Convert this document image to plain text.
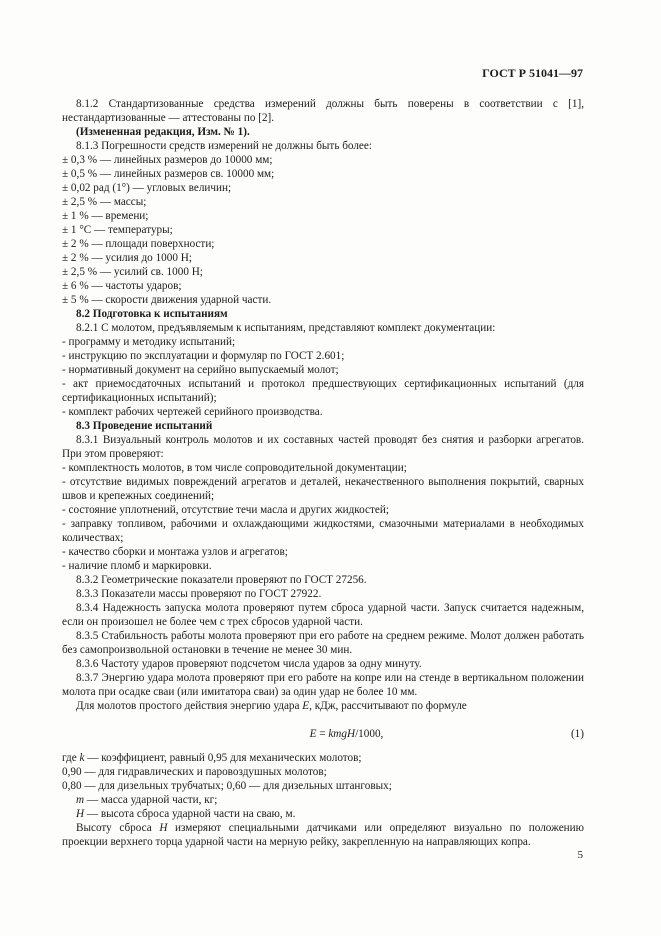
ГОСТ Р 51041—97
8.1.2 Стандартизованные средства измерений должны быть поверены в соответствии с [1], нестандартизованные — аттестованы по [2].
(Измененная редакция, Изм. № 1).
8.1.3 Погрешности средств измерений не должны быть более:
± 0,3 % — линейных размеров до 10000 мм;
± 0,5 % — линейных размеров св. 10000 мм;
± 0,02 рад (1°) — угловых величин;
± 2,5 % — массы;
± 1 % — времени;
± 1 °С — температуры;
± 2 % — площади поверхности;
± 2 % — усилия до 1000 Н;
± 2,5 % — усилий св. 1000 Н;
± 6 % — частоты ударов;
± 5 % — скорости движения ударной части.
8.2 Подготовка к испытаниям
8.2.1 С молотом, предъявляемым к испытаниям, представляют комплект документации:
- программу и методику испытаний;
- инструкцию по эксплуатации и формуляр по ГОСТ 2.601;
- нормативный документ на серийно выпускаемый молот;
- акт приемосдаточных испытаний и протокол предшествующих сертификационных испытаний (для сертификационных испытаний);
- комплект рабочих чертежей серийного производства.
8.3 Проведение испытаний
8.3.1 Визуальный контроль молотов и их составных частей проводят без снятия и разборки агрегатов. При этом проверяют:
- комплектность молотов, в том числе сопроводительной документации;
- отсутствие видимых повреждений агрегатов и деталей, некачественного выполнения покрытий, сварных швов и крепежных соединений;
- состояние уплотнений, отсутствие течи масла и других жидкостей;
- заправку топливом, рабочими и охлаждающими жидкостями, смазочными материалами в необходимых количествах;
- качество сборки и монтажа узлов и агрегатов;
- наличие пломб и маркировки.
8.3.2 Геометрические показатели проверяют по ГОСТ 27256.
8.3.3 Показатели массы проверяют по ГОСТ 27922.
8.3.4 Надежность запуска молота проверяют путем сброса ударной части. Запуск считается надежным, если он произошел не более чем с трех сбросов ударной части.
8.3.5 Стабильность работы молота проверяют при его работе на среднем режиме. Молот должен работать без самопроизвольной остановки в течение не менее 30 мин.
8.3.6 Частоту ударов проверяют подсчетом числа ударов за одну минуту.
8.3.7 Энергию удара молота проверяют при его работе на копре или на стенде в вертикальном положении молота при осадке сваи (или имитатора сваи) за один удар не более 10 мм.
Для молотов простого действия энергию удара E, кДж, рассчитывают по формуле
E = kmgH/1000,	(1)
где k — коэффициент, равный 0,95 для механических молотов;
0,90 — для гидравлических и паровоздушных молотов;
0,80 — для дизельных трубчатых; 0,60 — для дизельных штанговых;
m — масса ударной части, кг;
H — высота сброса ударной части на сваю, м.
Высоту сброса H измеряют специальными датчиками или определяют визуально по положению проекции верхнего торца ударной части на мерную рейку, закрепленную на направляющих копра.
5
